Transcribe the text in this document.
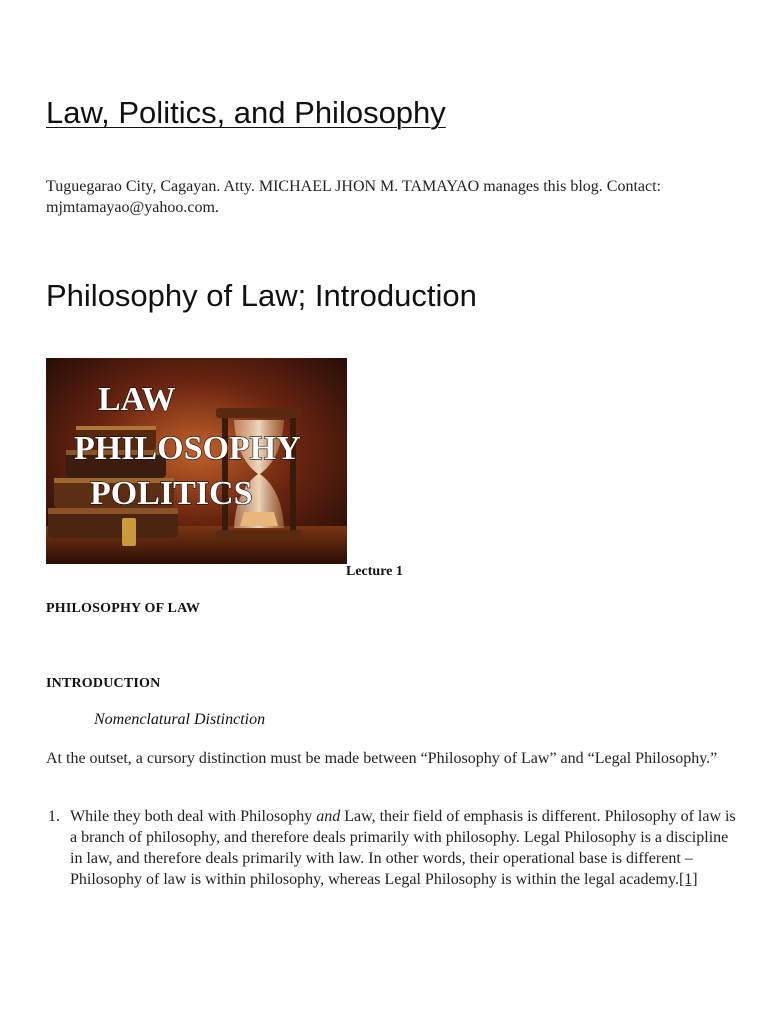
Law, Politics, and Philosophy

Tuguegarao City, Cagayan. Atty. MICHAEL JHON M. TAMAYAO manages this blog. Contact: mjmtamayao@yahoo.com.

Philosophy of Law; Introduction
LAW
PHILOSOPHY
POLITICS

Lecture 1

PHILOSOPHY OF LAW

INTRODUCTION

Nomenclatural Distinction

At the outset, a cursory distinction must be made between “Philosophy of Law” and “Legal Philosophy.”

1. While they both deal with Philosophy and Law, their field of emphasis is different. Philosophy of law is a branch of philosophy, and therefore deals primarily with philosophy. Legal Philosophy is a discipline in law, and therefore deals primarily with law. In other words, their operational base is different – Philosophy of law is within philosophy, whereas Legal Philosophy is within the legal academy.[1]
